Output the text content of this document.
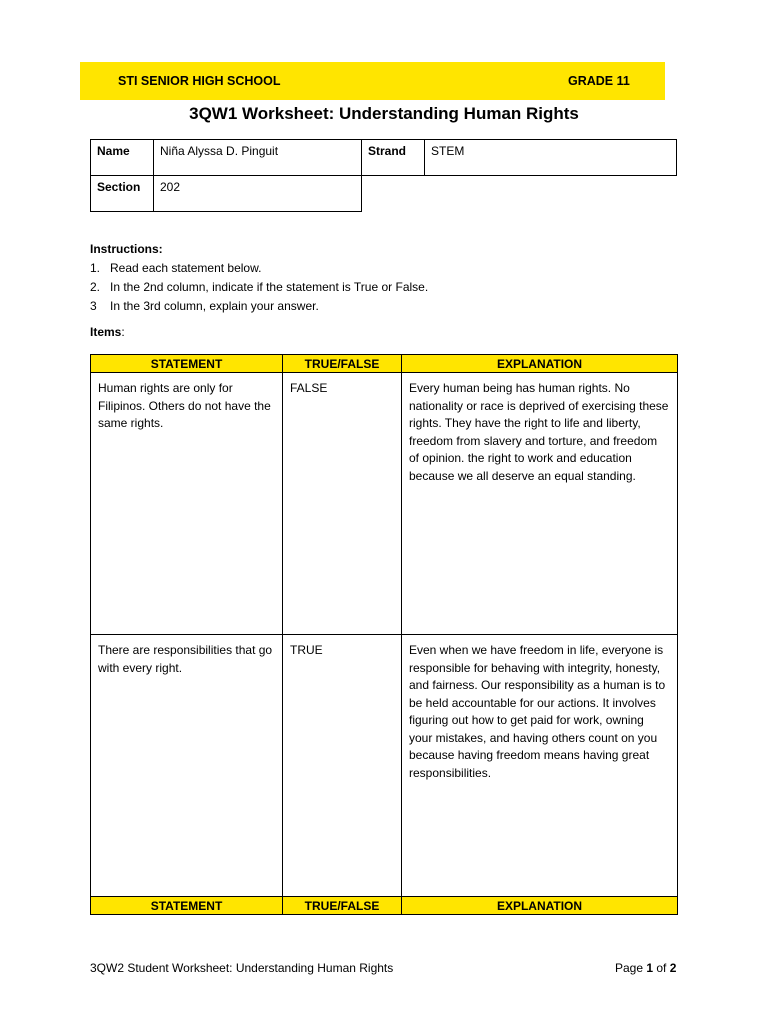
STI SENIOR HIGH SCHOOL	GRADE 11
3QW1 Worksheet: Understanding Human Rights
Name	Niña Alyssa D. Pinguit	Strand	STEM
Section	202		
Instructions:
1. Read each statement below.
2. In the 2nd column, indicate if the statement is True or False.
3	In the 3rd column, explain your answer.
Items:
STATEMENT	TRUE/FALSE	EXPLANATION
Human rights are only for Filipinos. Others do not have the same rights.	FALSE	Every human being has human rights. No nationality or race is deprived of exercising these rights. They have the right to life and liberty, freedom from slavery and torture, and freedom of opinion. the right to work and education because we all deserve an equal standing.
There are responsibilities that go with every right.	TRUE	Even when we have freedom in life, everyone is responsible for behaving with integrity, honesty, and fairness. Our responsibility as a human is to be held accountable for our actions. It involves figuring out how to get paid for work, owning your mistakes, and having others count on you because having freedom means having great responsibilities.
STATEMENT	TRUE/FALSE	EXPLANATION
3QW2 Student Worksheet: Understanding Human Rights	Page 1 of 2
